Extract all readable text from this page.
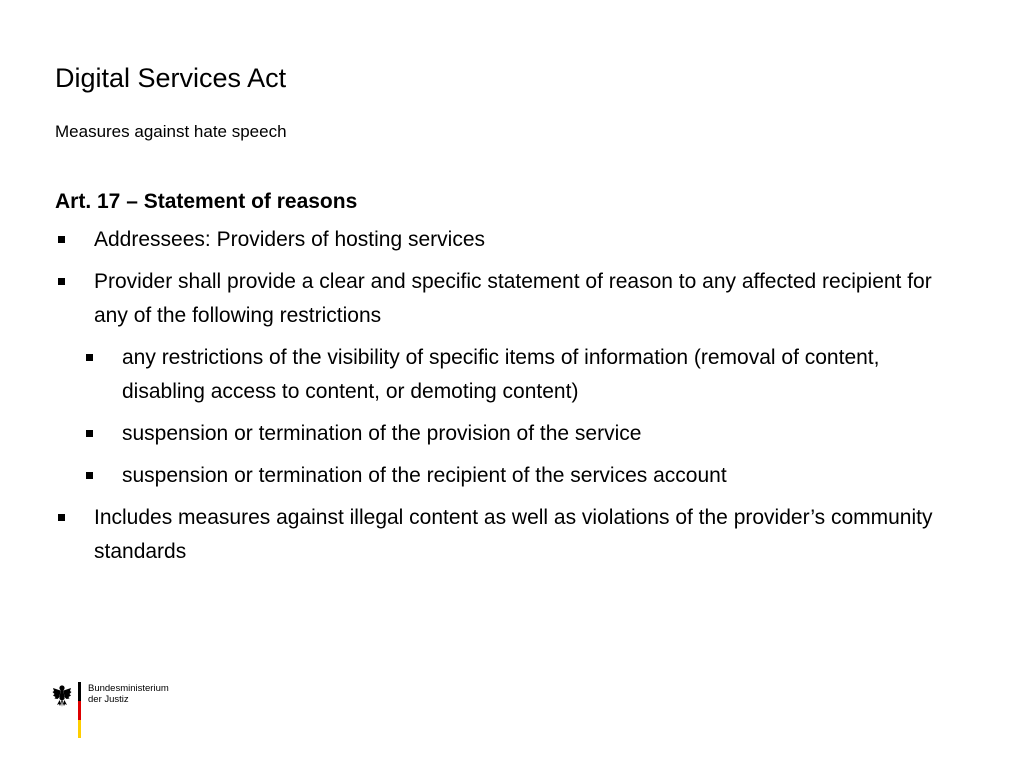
Digital Services Act
Measures against hate speech
Art. 17 – Statement of reasons
Addressees: Providers of hosting services
Provider shall provide a clear and specific statement of reason to any affected recipient for any of the following restrictions
any restrictions of the visibility of specific items of information (removal of content, disabling access to content, or demoting content)
suspension or termination of the provision of the service
suspension or termination of the recipient of the services account
Includes measures against illegal content as well as violations of the provider’s community standards
Bundesministerium
der Justiz
